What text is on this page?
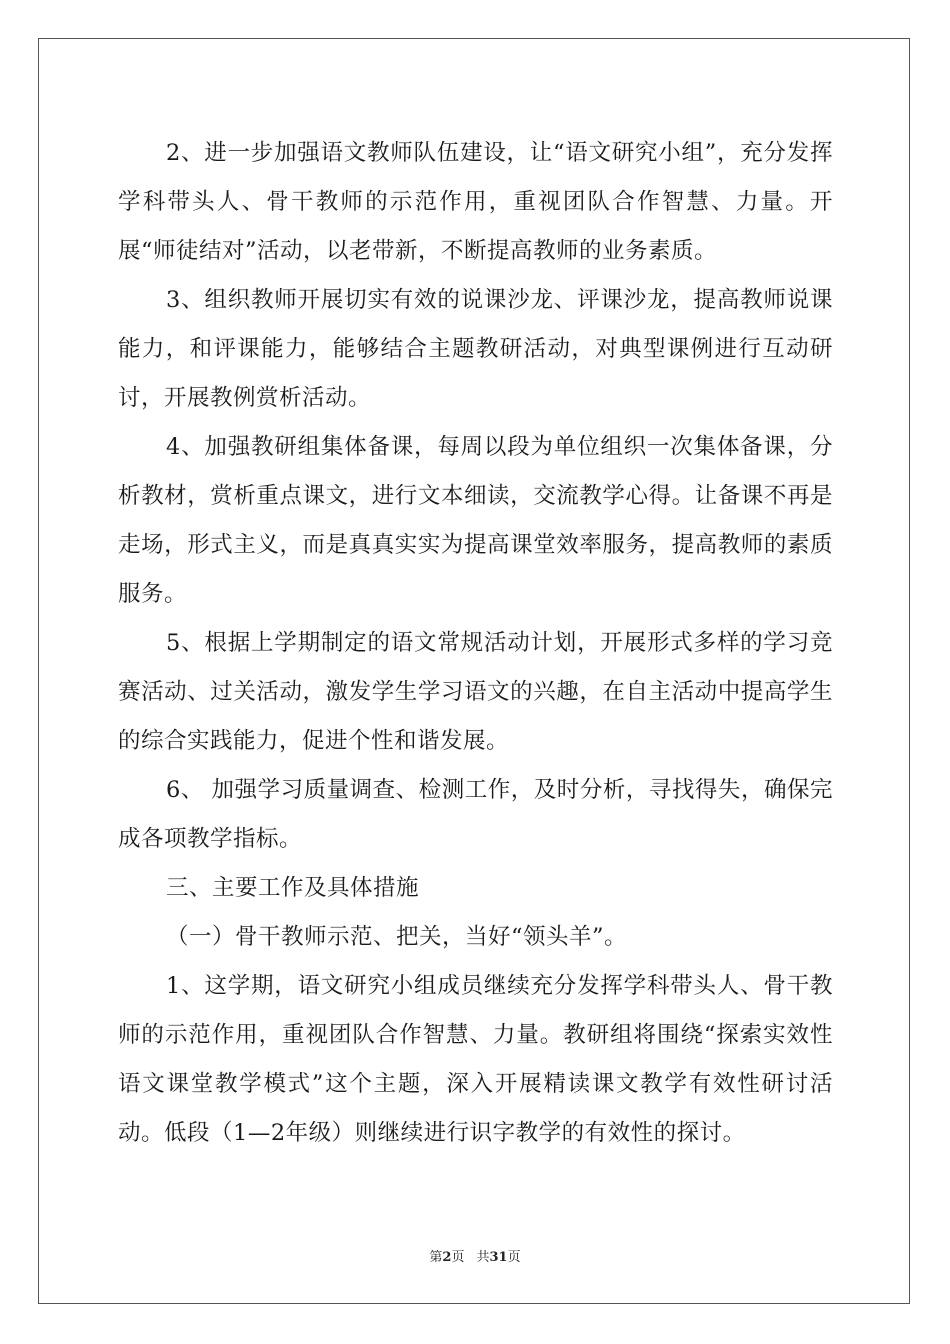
2、进一步加强语文教师队伍建设，让“语文研究小组”，充分发挥学科带头人、骨干教师的示范作用，重视团队合作智慧、力量。开展“师徒结对”活动，以老带新，不断提高教师的业务素质。

3、组织教师开展切实有效的说课沙龙、评课沙龙，提高教师说课能力，和评课能力，能够结合主题教研活动，对典型课例进行互动研讨，开展教例赏析活动。

4、加强教研组集体备课，每周以段为单位组织一次集体备课，分析教材，赏析重点课文，进行文本细读，交流教学心得。让备课不再是走场，形式主义，而是真真实实为提高课堂效率服务，提高教师的素质服务。

5、根据上学期制定的语文常规活动计划，开展形式多样的学习竞赛活动、过关活动，激发学生学习语文的兴趣，在自主活动中提高学生的综合实践能力，促进个性和谐发展。

6、 加强学习质量调查、检测工作，及时分析，寻找得失，确保完成各项教学指标。

三、主要工作及具体措施

（一）骨干教师示范、把关，当好“领头羊”。

1、这学期，语文研究小组成员继续充分发挥学科带头人、骨干教师的示范作用，重视团队合作智慧、力量。教研组将围绕“探索实效性语文课堂教学模式”这个主题，深入开展精读课文教学有效性研讨活动。低段（1—2年级）则继续进行识字教学的有效性的探讨。

第2页 共31页
